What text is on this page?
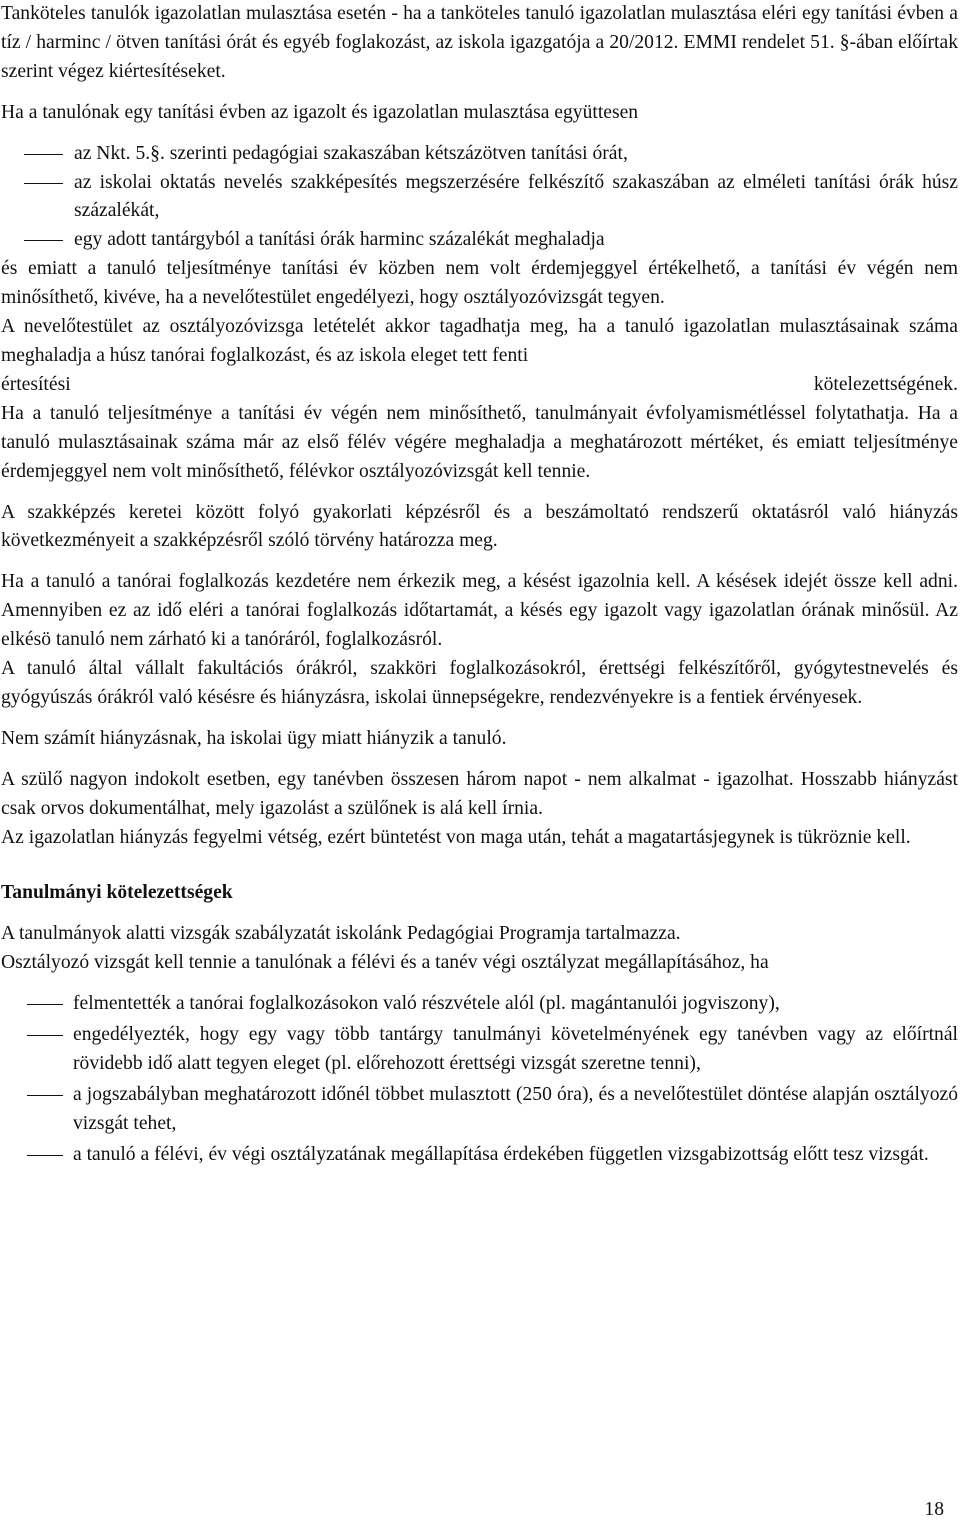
Tanköteles tanulók igazolatlan mulasztása esetén - ha a tanköteles tanuló igazolatlan mulasztása eléri egy tanítási évben a tíz / harminc / ötven tanítási órát és egyéb foglakozást, az iskola igazgatója a 20/2012. EMMI rendelet 51. §-ában előírtak szerint végez kiértesítéseket.

Ha a tanulónak egy tanítási évben az igazolt és igazolatlan mulasztása együttesen

az Nkt. 5.§. szerinti pedagógiai szakaszában kétszázötven tanítási órát,
az iskolai oktatás nevelés szakképesítés megszerzésére felkészítő szakaszában az elméleti tanítási órák húsz százalékát,
egy adott tantárgyból a tanítási órák harminc százalékát meghaladja

és emiatt a tanuló teljesítménye tanítási év közben nem volt érdemjeggyel értékelhető, a tanítási év végén nem minősíthető, kivéve, ha a nevelőtestület engedélyezi, hogy osztályozóvizsgát tegyen.

A nevelőtestület az osztályozóvizsga letételét akkor tagadhatja meg, ha a tanuló igazolatlan mulasztásainak száma meghaladja a húsz tanórai foglalkozást, és az iskola eleget tett fenti

értesítési	kötelezettségének.

Ha a tanuló teljesítménye a tanítási év végén nem minősíthető, tanulmányait évfolyamismétléssel folytathatja. Ha a tanuló mulasztásainak száma már az első félév végére meghaladja a meghatározott mértéket, és emiatt teljesítménye érdemjeggyel nem volt minősíthető, félévkor osztályozóvizsgát kell tennie.

A szakképzés keretei között folyó gyakorlati képzésről és a beszámoltató rendszerű oktatásról való hiányzás következményeit a szakképzésről szóló törvény határozza meg.

Ha a tanuló a tanórai foglalkozás kezdetére nem érkezik meg, a késést igazolnia kell. A késések idejét össze kell adni. Amennyiben ez az idő eléri a tanórai foglalkozás időtartamát, a késés egy igazolt vagy igazolatlan órának minősül. Az elkésö tanuló nem zárható ki a tanóráról, foglalkozásról.

A tanuló által vállalt fakultációs órákról, szakköri foglalkozásokról, érettségi felkészítőről, gyógytestnevelés és gyógyúszás órákról való késésre és hiányzásra, iskolai ünnepségekre, rendezvényekre is a fentiek érvényesek.

Nem számít hiányzásnak, ha iskolai ügy miatt hiányzik a tanuló.

A szülő nagyon indokolt esetben, egy tanévben összesen három napot - nem alkalmat - igazolhat. Hosszabb hiányzást csak orvos dokumentálhat, mely igazolást a szülőnek is alá kell írnia.

Az igazolatlan hiányzás fegyelmi vétség, ezért büntetést von maga után, tehát a magatartásjegynek is tükröznie kell.

Tanulmányi kötelezettségek

A tanulmányok alatti vizsgák szabályzatát iskolánk Pedagógiai Programja tartalmazza.

Osztályozó vizsgát kell tennie a tanulónak a félévi és a tanév végi osztályzat megállapításához, ha

felmentették a tanórai foglalkozásokon való részvétele alól (pl. magántanulói jogviszony),
engedélyezték, hogy egy vagy több tantárgy tanulmányi követelményének egy tanévben vagy az előírtnál rövidebb idő alatt tegyen eleget (pl. előrehozott érettségi vizsgát szeretne tenni),
a jogszabályban meghatározott időnél többet mulasztott (250 óra), és a nevelőtestület döntése alapján osztályozó vizsgát tehet,
a tanuló a félévi, év végi osztályzatának megállapítása érdekében független vizsgabizottság előtt tesz vizsgát.
18
